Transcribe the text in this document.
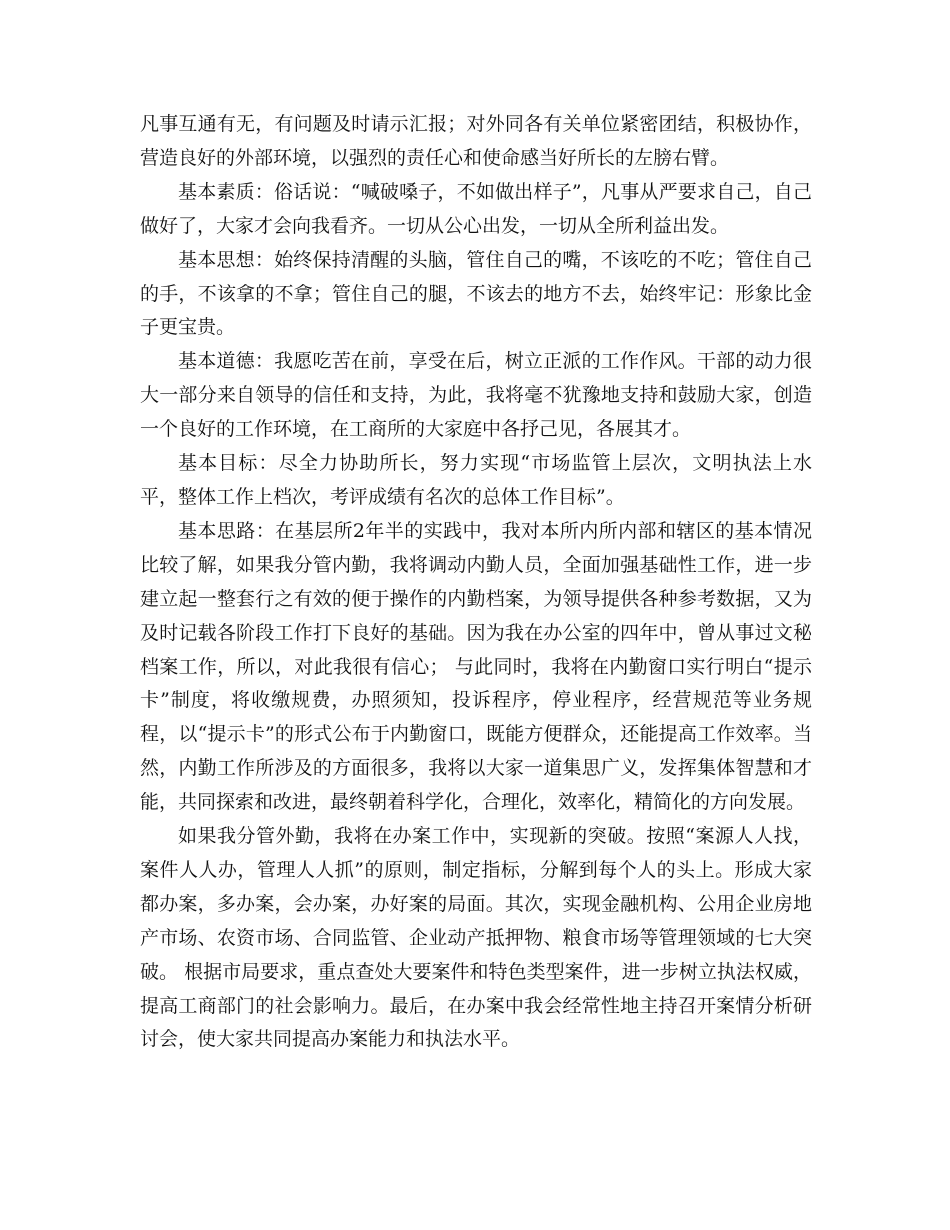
凡事互通有无，有问题及时请示汇报；对外同各有关单位紧密团结，积极协作，营造良好的外部环境，以强烈的责任心和使命感当好所长的左膀右臂。

基本素质：俗话说：“喊破嗓子，不如做出样子”，凡事从严要求自己，自己做好了，大家才会向我看齐。一切从公心出发，一切从全所利益出发。

基本思想：始终保持清醒的头脑，管住自己的嘴，不该吃的不吃；管住自己的手，不该拿的不拿；管住自己的腿，不该去的地方不去，始终牢记：形象比金子更宝贵。

基本道德：我愿吃苦在前，享受在后，树立正派的工作作风。干部的动力很大一部分来自领导的信任和支持，为此，我将毫不犹豫地支持和鼓励大家，创造一个良好的工作环境，在工商所的大家庭中各抒己见，各展其才。

基本目标：尽全力协助所长，努力实现“市场监管上层次，文明执法上水平，整体工作上档次，考评成绩有名次的总体工作目标”。

基本思路：在基层所2年半的实践中，我对本所内所内部和辖区的基本情况比较了解，如果我分管内勤，我将调动内勤人员，全面加强基础性工作，进一步建立起一整套行之有效的便于操作的内勤档案，为领导提供各种参考数据，又为及时记载各阶段工作打下良好的基础。因为我在办公室的四年中，曾从事过文秘档案工作，所以，对此我很有信心； 与此同时，我将在内勤窗口实行明白“提示卡”制度，将收缴规费，办照须知，投诉程序，停业程序，经营规范等业务规程，以“提示卡”的形式公布于内勤窗口，既能方便群众，还能提高工作效率。当然，内勤工作所涉及的方面很多，我将以大家一道集思广义，发挥集体智慧和才能，共同探索和改进，最终朝着科学化，合理化，效率化，精简化的方向发展。

如果我分管外勤，我将在办案工作中，实现新的突破。按照“案源人人找，案件人人办，管理人人抓”的原则，制定指标，分解到每个人的头上。形成大家都办案，多办案，会办案，办好案的局面。其次，实现金融机构、公用企业房地产市场、农资市场、合同监管、企业动产抵押物、粮食市场等管理领域的七大突破。 根据市局要求，重点查处大要案件和特色类型案件，进一步树立执法权威，提高工商部门的社会影响力。最后，在办案中我会经常性地主持召开案情分析研讨会，使大家共同提高办案能力和执法水平。
